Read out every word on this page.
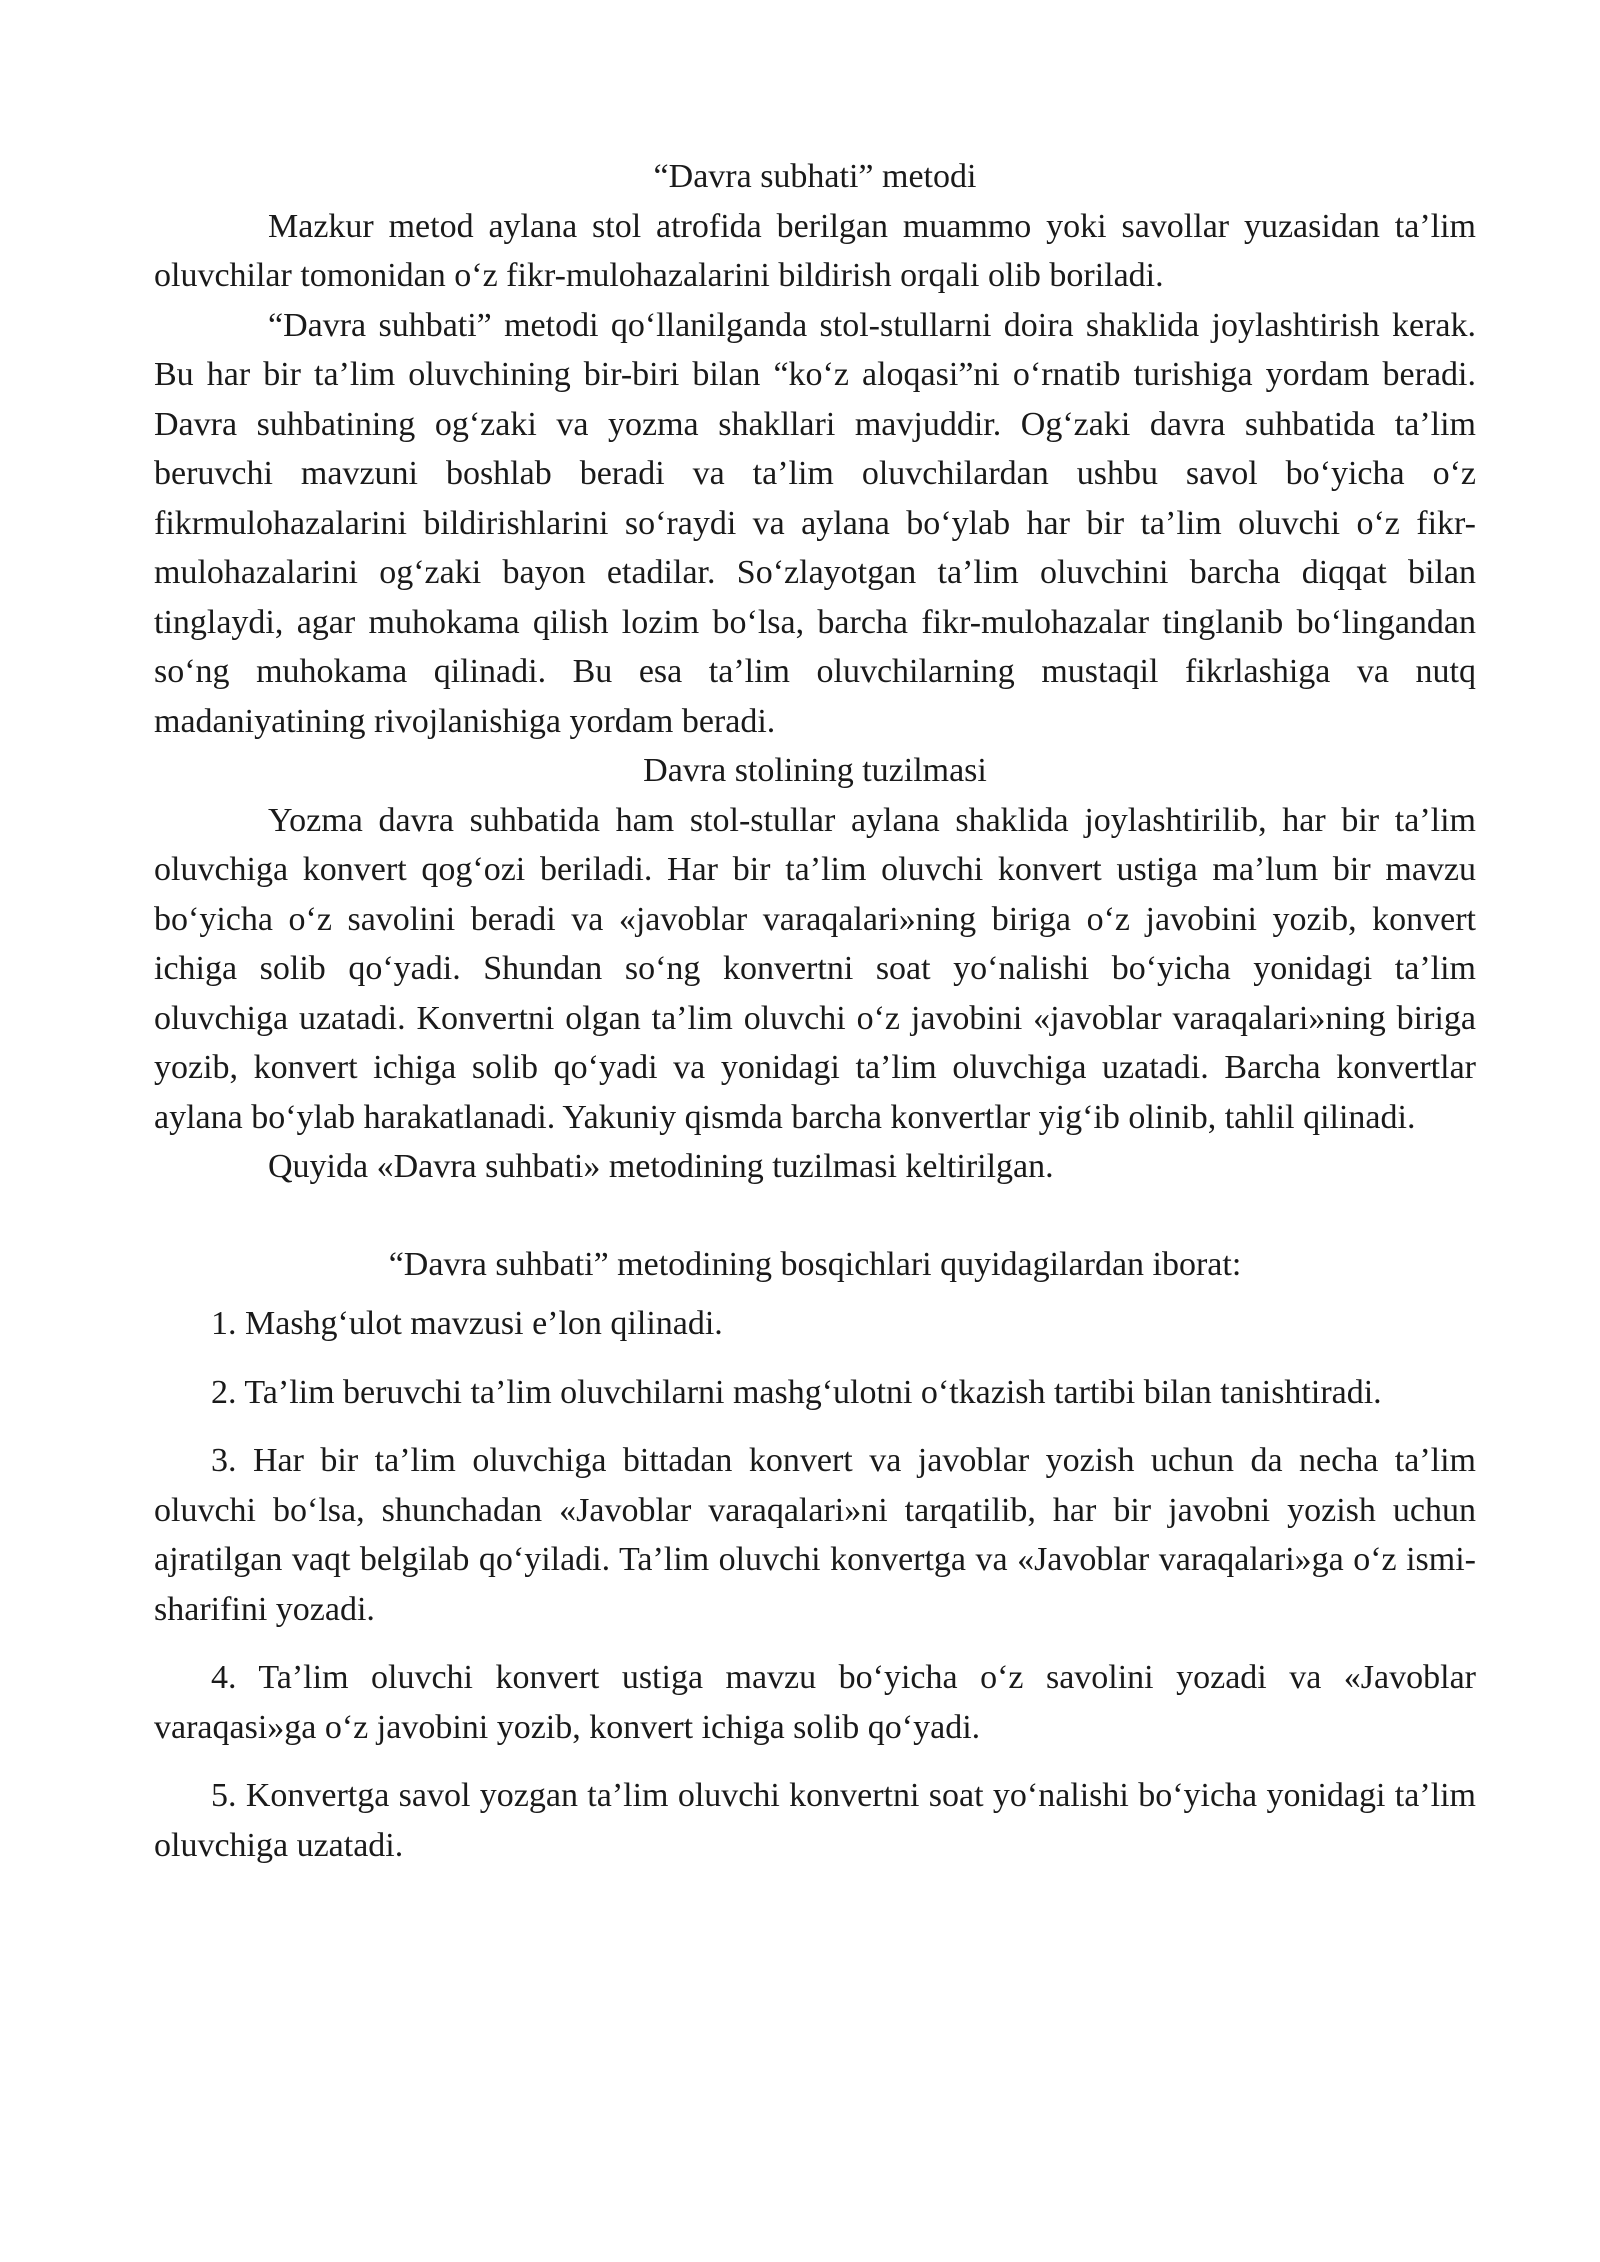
“Davra subhati” metodi

Mazkur metod aylana stol atrofida berilgan muammo yoki savollar yuzasidan ta’lim oluvchilar tomonidan o‘z fikr-mulohazalarini bildirish orqali olib boriladi.

“Davra suhbati” metodi qo‘llanilganda stol-stullarni doira shaklida joylashtirish kerak. Bu har bir ta’lim oluvchining bir-biri bilan “ko‘z aloqasi”ni o‘rnatib turishiga yordam beradi. Davra suhbatining og‘zaki va yozma shakllari mavjuddir. Og‘zaki davra suhbatida ta’lim beruvchi mavzuni boshlab beradi va ta’lim oluvchilardan ushbu savol bo‘yicha o‘z fikrmulohazalarini bildirishlarini so‘raydi va aylana bo‘ylab har bir ta’lim oluvchi o‘z fikr-mulohazalarini og‘zaki bayon etadilar. So‘zlayotgan ta’lim oluvchini barcha diqqat bilan tinglaydi, agar muhokama qilish lozim bo‘lsa, barcha fikr-mulohazalar tinglanib bo‘lingandan so‘ng muhokama qilinadi. Bu esa ta’lim oluvchilarning mustaqil fikrlashiga va nutq madaniyatining rivojlanishiga yordam beradi.

Davra stolining tuzilmasi

Yozma davra suhbatida ham stol-stullar aylana shaklida joylashtirilib, har bir ta’lim oluvchiga konvert qog‘ozi beriladi. Har bir ta’lim oluvchi konvert ustiga ma’lum bir mavzu bo‘yicha o‘z savolini beradi va «javoblar varaqalari»ning biriga o‘z javobini yozib, konvert ichiga solib qo‘yadi. Shundan so‘ng konvertni soat yo‘nalishi bo‘yicha yonidagi ta’lim oluvchiga uzatadi. Konvertni olgan ta’lim oluvchi o‘z javobini «javoblar varaqalari»ning biriga yozib, konvert ichiga solib qo‘yadi va yonidagi ta’lim oluvchiga uzatadi. Barcha konvertlar aylana bo‘ylab harakatlanadi. Yakuniy qismda barcha konvertlar yig‘ib olinib, tahlil qilinadi.

Quyida «Davra suhbati» metodining tuzilmasi keltirilgan.

“Davra suhbati” metodining bosqichlari quyidagilardan iborat:

1. Mashg‘ulot mavzusi e’lon qilinadi.

2. Ta’lim beruvchi ta’lim oluvchilarni mashg‘ulotni o‘tkazish tartibi bilan tanishtiradi.

3. Har bir ta’lim oluvchiga bittadan konvert va javoblar yozish uchun da necha ta’lim oluvchi bo‘lsa, shunchadan «Javoblar varaqalari»ni tarqatilib, har bir javobni yozish uchun ajratilgan vaqt belgilab qo‘yiladi. Ta’lim oluvchi konvertga va «Javoblar varaqalari»ga o‘z ismi-sharifini yozadi.

4. Ta’lim oluvchi konvert ustiga mavzu bo‘yicha o‘z savolini yozadi va «Javoblar varaqasi»ga o‘z javobini yozib, konvert ichiga solib qo‘yadi.

5. Konvertga savol yozgan ta’lim oluvchi konvertni soat yo‘nalishi bo‘yicha yonidagi ta’lim oluvchiga uzatadi.
